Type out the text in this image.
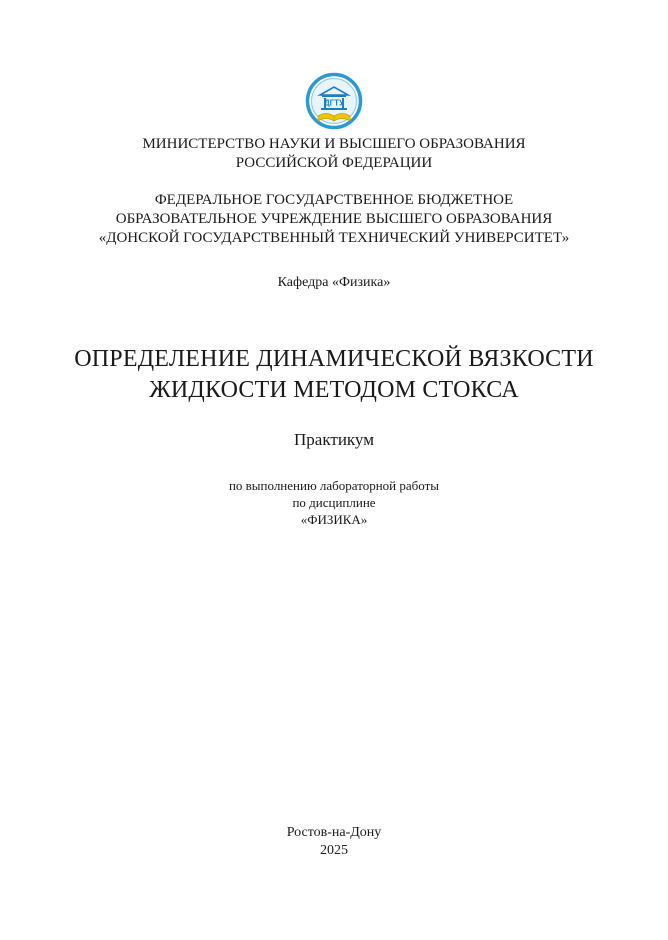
ДГТУ
МИНИСТЕРСТВО НАУКИ И ВЫСШЕГО ОБРАЗОВАНИЯ
РОССИЙСКОЙ ФЕДЕРАЦИИ
ФЕДЕРАЛЬНОЕ ГОСУДАРСТВЕННОЕ БЮДЖЕТНОЕ
ОБРАЗОВАТЕЛЬНОЕ УЧРЕЖДЕНИЕ ВЫСШЕГО ОБРАЗОВАНИЯ
«ДОНСКОЙ ГОСУДАРСТВЕННЫЙ ТЕХНИЧЕСКИЙ УНИВЕРСИТЕТ»
Кафедра «Физика»
ОПРЕДЕЛЕНИЕ ДИНАМИЧЕСКОЙ ВЯЗКОСТИ
ЖИДКОСТИ МЕТОДОМ СТОКСА
Практикум
по выполнению лабораторной работы
по дисциплине
«ФИЗИКА»
Ростов-на-Дону
2025
